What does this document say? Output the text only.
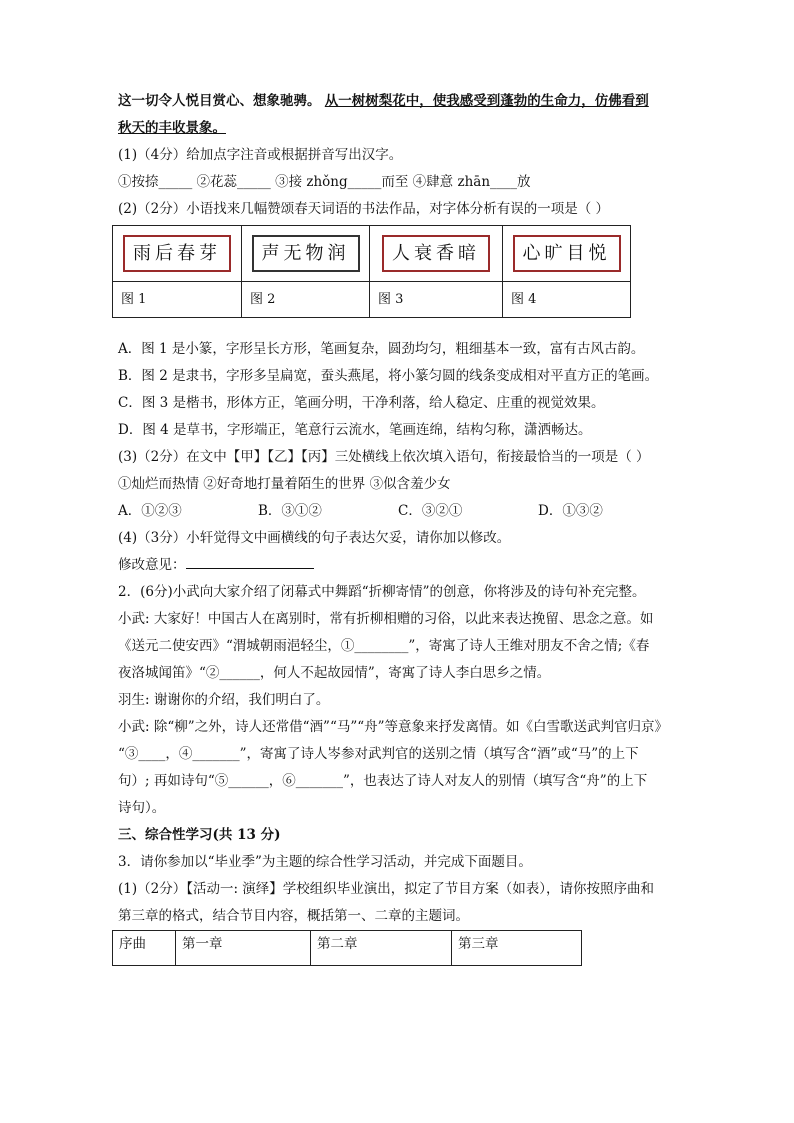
这一切令人悦目赏心、想象驰骋。 从一树树梨花中，使我感受到蓬勃的生命力，仿佛看到
秋天的丰收景象。
(1)（4分）给加点字注音或根据拼音写出汉字。
①按捺_____ ②花蕊_____ ③接 zhǒng_____而至 ④肆意 zhān____放
(2)（2分）小语找来几幅赞颂春天词语的书法作品，对字体分析有误的一项是（ ）
雨后春芽	声无物润	人衰香暗	心旷目悦
图 1	图 2	图 3	图 4
A．图 1 是小篆，字形呈长方形，笔画复杂，圆劲均匀，粗细基本一致，富有古风古韵。
B．图 2 是隶书，字形多呈扁宽，蚕头燕尾，将小篆匀圆的线条变成相对平直方正的笔画。
C．图 3 是楷书，形体方正，笔画分明，干净利落，给人稳定、庄重的视觉效果。
D．图 4 是草书，字形端正，笔意行云流水，笔画连绵，结构匀称，潇洒畅达。
(3)（2分）在文中【甲】【乙】【丙】三处横线上依次填入语句，衔接最恰当的一项是（ ）
①灿烂而热情 ②好奇地打量着陌生的世界 ③似含羞少女
A．①②③	B．③①②	C．③②①	D．①③②
(4)（3分）小轩觉得文中画横线的句子表达欠妥，请你加以修改。
修改意见：
2．(6分)小武向大家介绍了闭幕式中舞蹈“折柳寄情”的创意，你将涉及的诗句补充完整。
小武: 大家好！中国古人在离别时，常有折柳相赠的习俗，以此来表达挽留、思念之意。如
《送元二使安西》“渭城朝雨浥轻尘，①________”，寄寓了诗人王维对朋友不舍之情;《春
夜洛城闻笛》“②______，何人不起故园情”，寄寓了诗人李白思乡之情。
羽生: 谢谢你的介绍，我们明白了。
小武: 除“柳”之外，诗人还常借“酒”“马”“舟”等意象来抒发离情。如《白雪歌送武判官归京》
“③____，④_______”，寄寓了诗人岑参对武判官的送别之情（填写含“酒”或“马”的上下
句）; 再如诗句“⑤______，⑥_______”，也表达了诗人对友人的别情（填写含“舟”的上下
诗句）。
三、综合性学习(共 13 分)
3．请你参加以“毕业季”为主题的综合性学习活动，并完成下面题目。
(1)（2分）【活动一: 演绎】学校组织毕业演出，拟定了节目方案（如表），请你按照序曲和
第三章的格式，结合节目内容，概括第一、二章的主题词。
序曲	第一章	第二章	第三章
